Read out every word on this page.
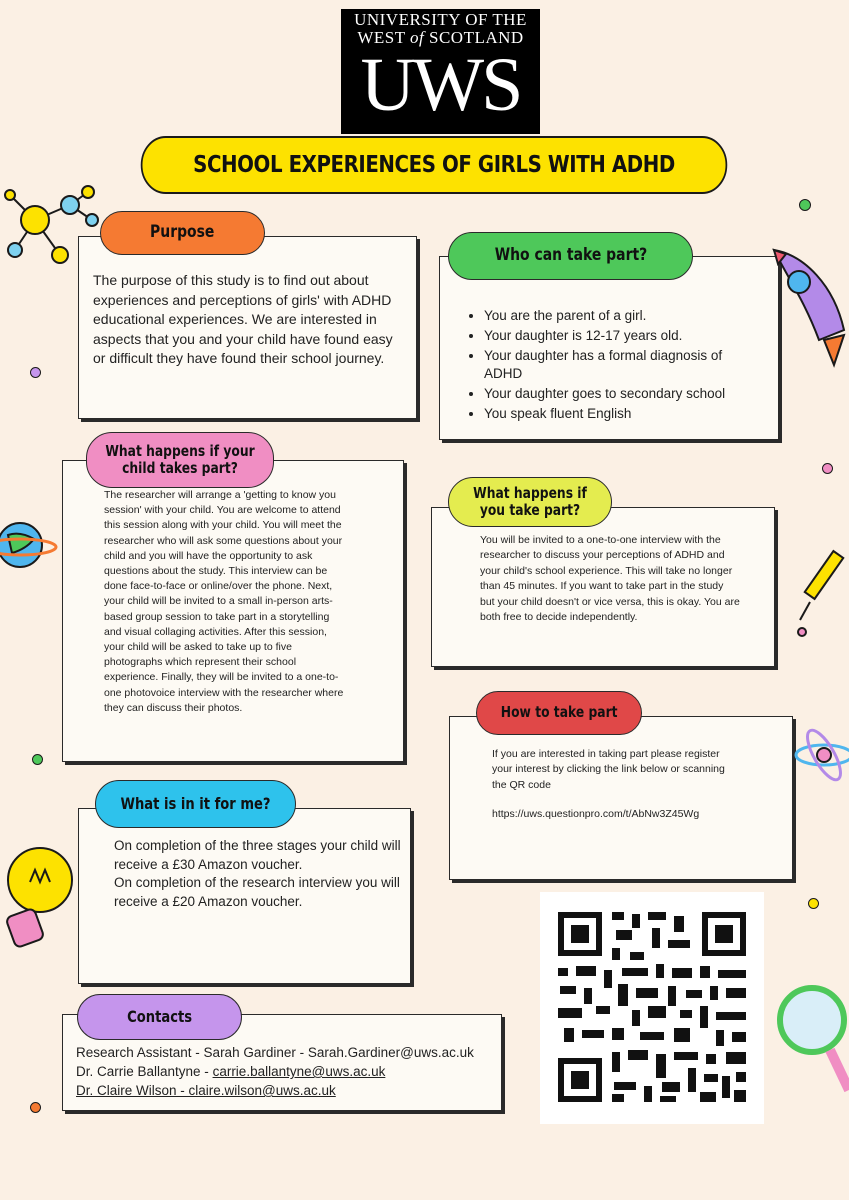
UNIVERSITY OF THE
WEST of SCOTLAND
UWS
SCHOOL EXPERIENCES OF GIRLS WITH ADHD
Purpose
The purpose of this study is to find out about experiences and perceptions of girls' with ADHD educational experiences. We are interested in aspects that you and your child have found easy or difficult they have found their school journey.
Who can take part?
• You are the parent of a girl.
• Your daughter is 12-17 years old.
• Your daughter has a formal diagnosis of ADHD
• Your daughter goes to secondary school
• You speak fluent English
What happens if your child takes part?
The researcher will arrange a 'getting to know you session' with your child. You are welcome to attend this session along with your child. You will meet the researcher who will ask some questions about your child and you will have the opportunity to ask questions about the study. This interview can be done face-to-face or online/over the phone. Next, your child will be invited to a small in-person arts-based group session to take part in a storytelling and visual collaging activities. After this session, your child will be asked to take up to five photographs which represent their school experience. Finally, they will be invited to a one-to-one photovoice interview with the researcher where they can discuss their photos.
What happens if you take part?
You will be invited to a one-to-one interview with the researcher to discuss your perceptions of ADHD and your child's school experience. This will take no longer than 45 minutes. If you want to take part in the study but your child doesn't or vice versa, this is okay. You are both free to decide independently.
How to take part
If you are interested in taking part please register your interest by clicking the link below or scanning the QR code
https://uws.questionpro.com/t/AbNw3Z45Wg
What is in it for me?
On completion of the three stages your child will receive a £30 Amazon voucher.
On completion of the research interview you will receive a £20 Amazon voucher.
Contacts
Research Assistant - Sarah Gardiner - Sarah.Gardiner@uws.ac.uk
Dr. Carrie Ballantyne - carrie.ballantyne@uws.ac.uk
Dr. Claire Wilson - claire.wilson@uws.ac.uk
